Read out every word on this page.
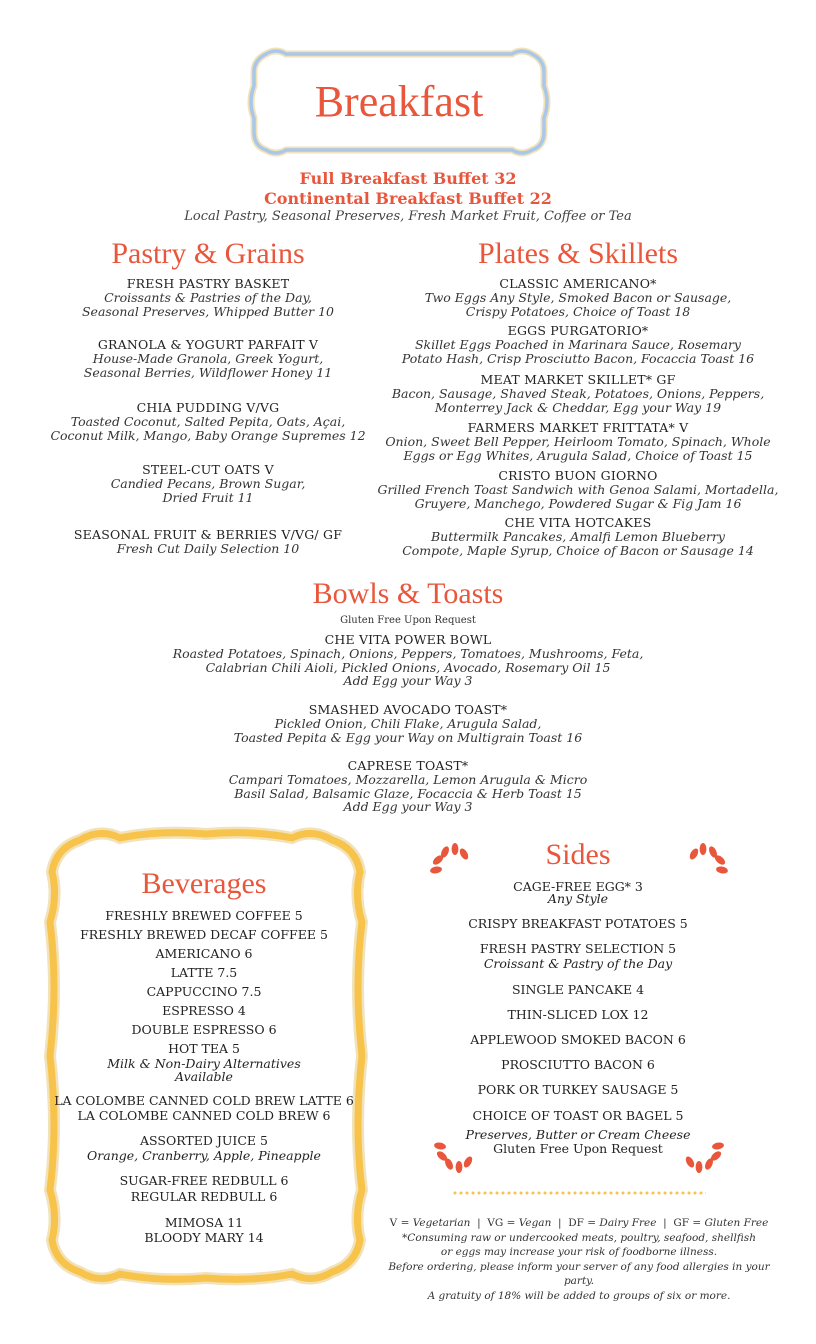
Breakfast
Full Breakfast Buffet 32
Continental Breakfast Buffet 22
Local Pastry, Seasonal Preserves, Fresh Market Fruit, Coffee or Tea
Pastry & Grains
FRESH PASTRY BASKET
Croissants & Pastries of the Day,
Seasonal Preserves, Whipped Butter 10
GRANOLA & YOGURT PARFAIT V
House-Made Granola, Greek Yogurt,
Seasonal Berries, Wildflower Honey 11
CHIA PUDDING V/VG
Toasted Coconut, Salted Pepita, Oats, Açai,
Coconut Milk, Mango, Baby Orange Supremes 12
STEEL-CUT OATS V
Candied Pecans, Brown Sugar,
Dried Fruit 11
SEASONAL FRUIT & BERRIES V/VG/ GF
Fresh Cut Daily Selection 10
Plates & Skillets
CLASSIC AMERICANO*
Two Eggs Any Style, Smoked Bacon or Sausage,
Crispy Potatoes, Choice of Toast 18
EGGS PURGATORIO*
Skillet Eggs Poached in Marinara Sauce, Rosemary
Potato Hash, Crisp Prosciutto Bacon, Focaccia Toast 16
MEAT MARKET SKILLET* GF
Bacon, Sausage, Shaved Steak, Potatoes, Onions, Peppers,
Monterrey Jack & Cheddar, Egg your Way 19
FARMERS MARKET FRITTATA* V
Onion, Sweet Bell Pepper, Heirloom Tomato, Spinach, Whole
Eggs or Egg Whites, Arugula Salad, Choice of Toast 15
CRISTO BUON GIORNO
Grilled French Toast Sandwich with Genoa Salami, Mortadella,
Gruyere, Manchego, Powdered Sugar & Fig Jam 16
CHE VITA HOTCAKES
Buttermilk Pancakes, Amalfi Lemon Blueberry
Compote, Maple Syrup, Choice of Bacon or Sausage 14
Bowls & Toasts
Gluten Free Upon Request
CHE VITA POWER BOWL
Roasted Potatoes, Spinach, Onions, Peppers, Tomatoes, Mushrooms, Feta,
Calabrian Chili Aioli, Pickled Onions, Avocado, Rosemary Oil 15
Add Egg your Way 3
SMASHED AVOCADO TOAST*
Pickled Onion, Chili Flake, Arugula Salad,
Toasted Pepita & Egg your Way on Multigrain Toast 16
CAPRESE TOAST*
Campari Tomatoes, Mozzarella, Lemon Arugula & Micro
Basil Salad, Balsamic Glaze, Focaccia & Herb Toast 15
Add Egg your Way 3
Beverages
FRESHLY BREWED COFFEE 5
FRESHLY BREWED DECAF COFFEE 5
AMERICANO 6
LATTE 7.5
CAPPUCCINO 7.5
ESPRESSO 4
DOUBLE ESPRESSO 6
HOT TEA 5
Milk & Non-Dairy Alternatives
Available
LA COLOMBE CANNED COLD BREW LATTE 6
LA COLOMBE CANNED COLD BREW 6
ASSORTED JUICE 5
Orange, Cranberry, Apple, Pineapple
SUGAR-FREE REDBULL 6
REGULAR REDBULL 6
MIMOSA 11
BLOODY MARY 14
Sides
CAGE-FREE EGG* 3
Any Style
CRISPY BREAKFAST POTATOES 5
FRESH PASTRY SELECTION 5
Croissant & Pastry of the Day
SINGLE PANCAKE 4
THIN-SLICED LOX 12
APPLEWOOD SMOKED BACON 6
PROSCIUTTO BACON 6
PORK OR TURKEY SAUSAGE 5
CHOICE OF TOAST OR BAGEL 5
Preserves, Butter or Cream Cheese
Gluten Free Upon Request
V = Vegetarian  |  VG = Vegan  |  DF = Dairy Free  |  GF = Gluten Free
*Consuming raw or undercooked meats, poultry, seafood, shellfish
or eggs may increase your risk of foodborne illness.
Before ordering, please inform your server of any food allergies in your party.
A gratuity of 18% will be added to groups of six or more.
